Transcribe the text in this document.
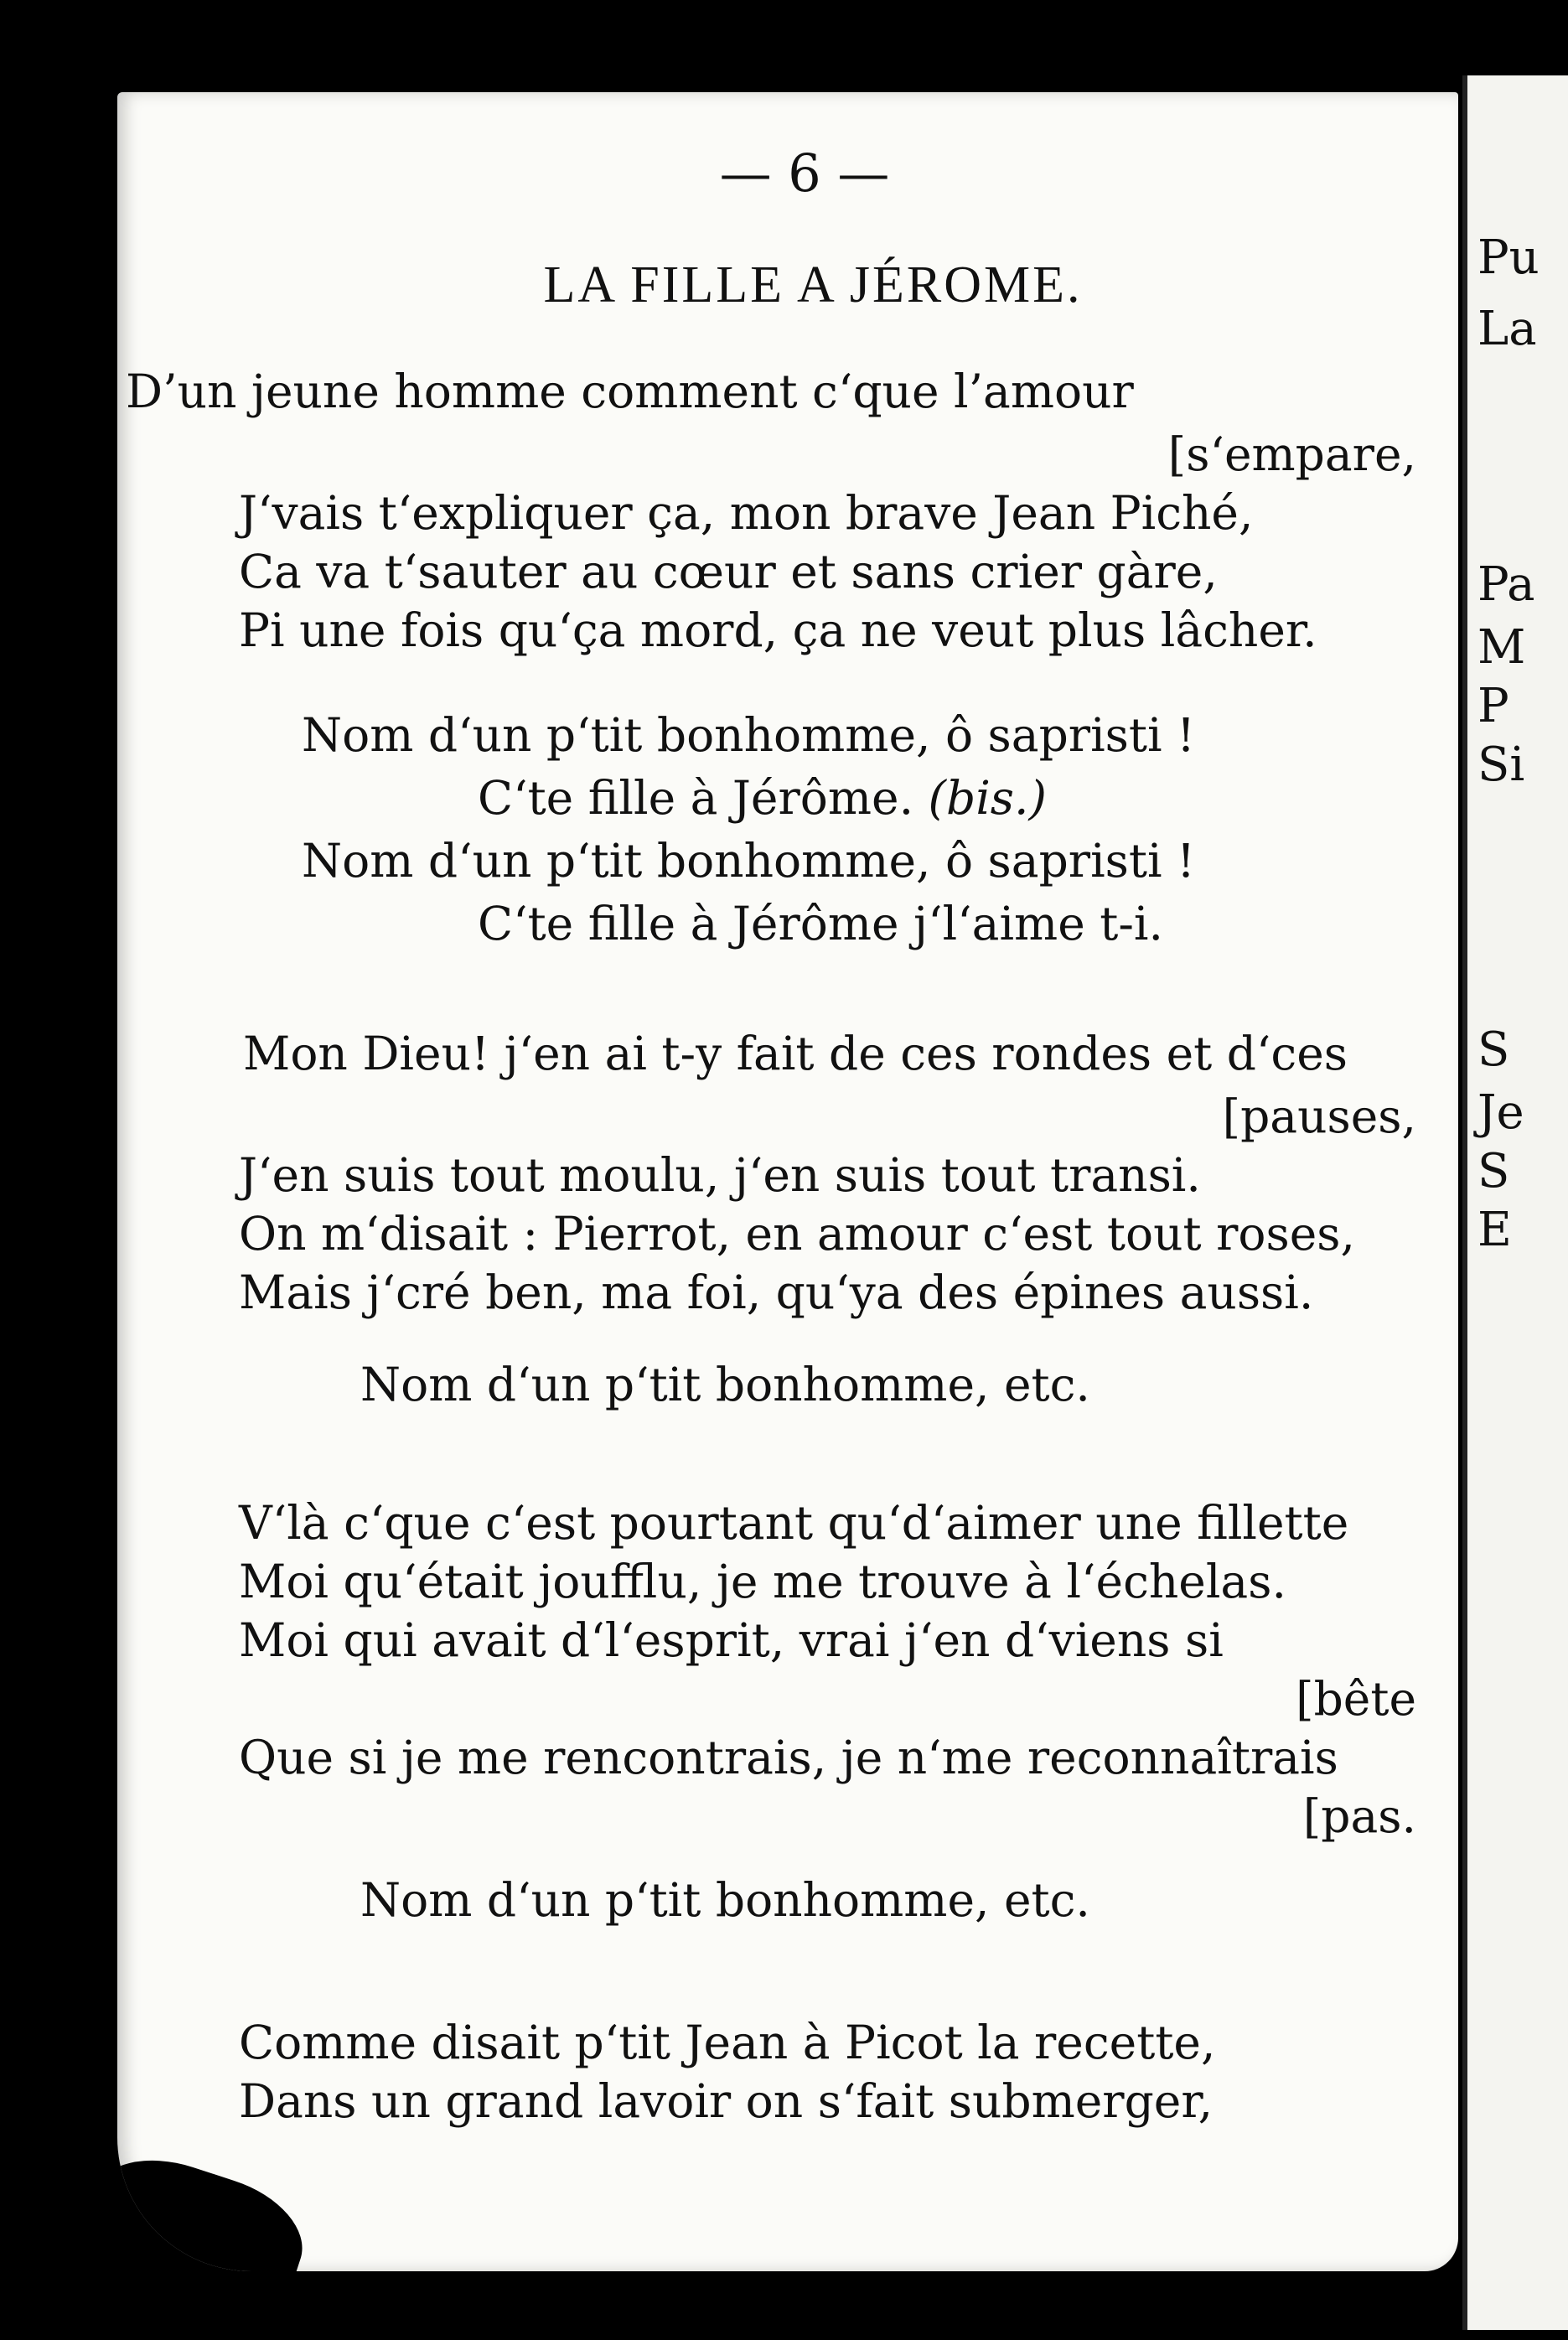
— 6 —
LA FILLE A JÉROME.
D’un jeune homme comment c‘que l’amour
[s‘empare,
J‘vais t‘expliquer ça, mon brave Jean Piché,
Ca va t‘sauter au cœur et sans crier gàre,
Pi une fois qu‘ça mord, ça ne veut plus lâcher.
Nom d‘un p‘tit bonhomme, ô sapristi !
C‘te fille à Jérôme. (bis.)
Nom d‘un p‘tit bonhomme, ô sapristi !
C‘te fille à Jérôme j‘l‘aime t-i.
Mon Dieu! j‘en ai t-y fait de ces rondes et d‘ces
[pauses,
J‘en suis tout moulu, j‘en suis tout transi.
On m‘disait : Pierrot, en amour c‘est tout roses,
Mais j‘cré ben, ma foi, qu‘ya des épines aussi.
Nom d‘un p‘tit bonhomme, etc.
V‘là c‘que c‘est pourtant qu‘d‘aimer une fillette
Moi qu‘était joufflu, je me trouve à l‘échelas.
Moi qui avait d‘l‘esprit, vrai j‘en d‘viens si
[bête
Que si je me rencontrais, je n‘me reconnaîtrais
[pas.
Nom d‘un p‘tit bonhomme, etc.
Comme disait p‘tit Jean à Picot la recette,
Dans un grand lavoir on s‘fait submerger,
Pu
La
Pa
M
P
Si
S
Je
S
E
